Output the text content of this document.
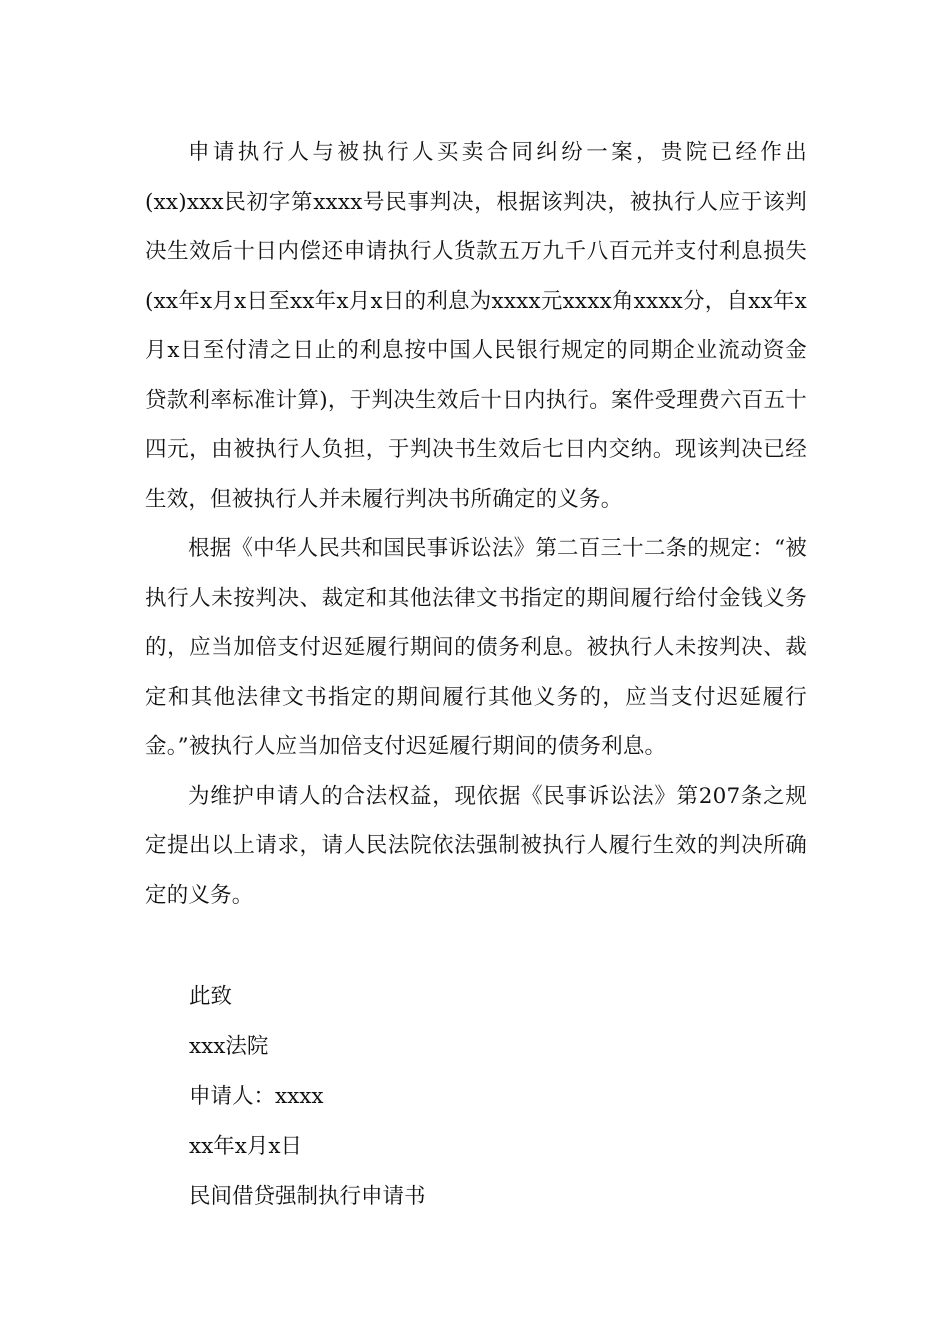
申请执行人与被执行人买卖合同纠纷一案，贵院已经作出(xx)xxx民初字第xxxx号民事判决，根据该判决，被执行人应于该判决生效后十日内偿还申请执行人货款五万九千八百元并支付利息损失(xx年x月x日至xx年x月x日的利息为xxxx元xxxx角xxxx分，自xx年x月x日至付清之日止的利息按中国人民银行规定的同期企业流动资金贷款利率标准计算)，于判决生效后十日内执行。案件受理费六百五十四元，由被执行人负担，于判决书生效后七日内交纳。现该判决已经生效，但被执行人并未履行判决书所确定的义务。

根据《中华人民共和国民事诉讼法》第二百三十二条的规定：“被执行人未按判决、裁定和其他法律文书指定的期间履行给付金钱义务的，应当加倍支付迟延履行期间的债务利息。被执行人未按判决、裁定和其他法律文书指定的期间履行其他义务的，应当支付迟延履行金。”被执行人应当加倍支付迟延履行期间的债务利息。

为维护申请人的合法权益，现依据《民事诉讼法》第207条之规定提出以上请求，请人民法院依法强制被执行人履行生效的判决所确定的义务。

此致
xxx法院
申请人：xxxx
xx年x月x日
民间借贷强制执行申请书
